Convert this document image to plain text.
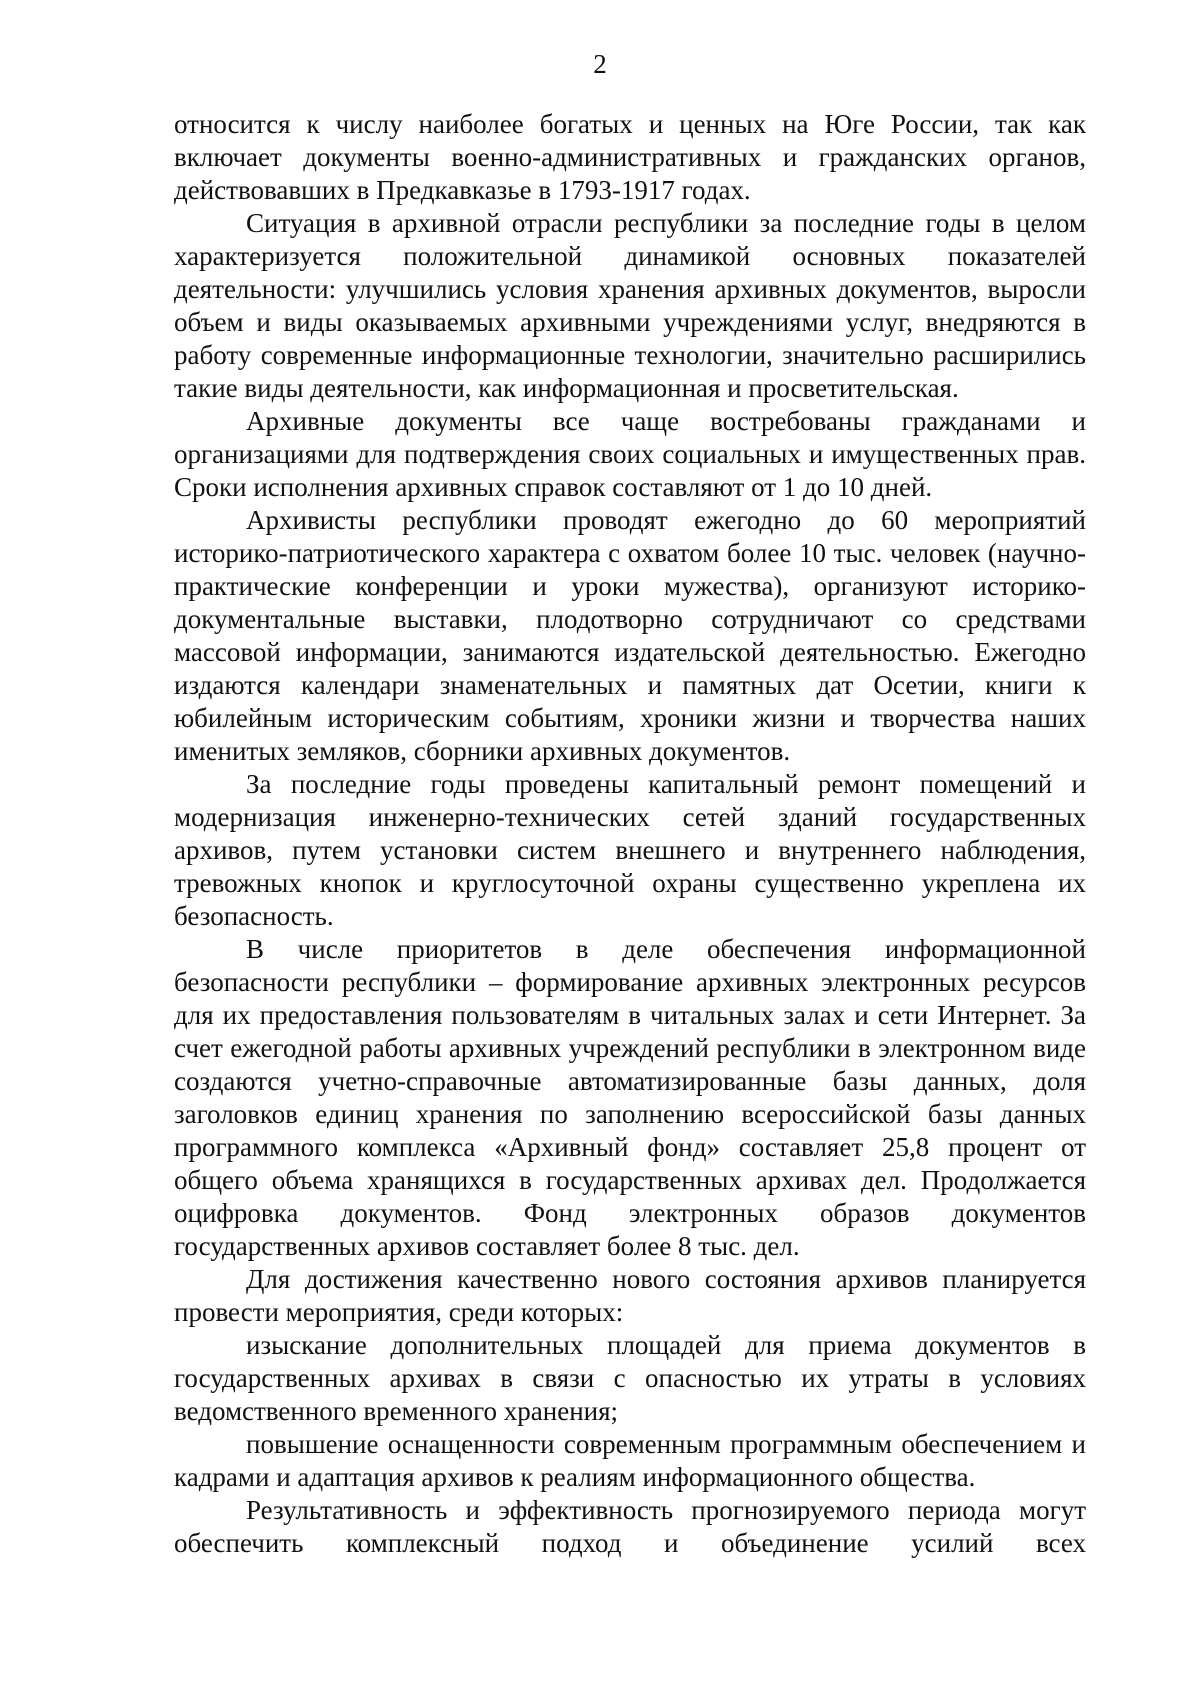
2

относится к числу наиболее богатых и ценных на Юге России, так как включает документы военно-административных и гражданских органов, действовавших в Предкавказье в 1793-1917 годах.

Ситуация в архивной отрасли республики за последние годы в целом характеризуется положительной динамикой основных показателей деятельности: улучшились условия хранения архивных документов, выросли объем и виды оказываемых архивными учреждениями услуг, внедряются в работу современные информационные технологии, значительно расширились такие виды деятельности, как информационная и просветительская.

Архивные документы все чаще востребованы гражданами и организациями для подтверждения своих социальных и имущественных прав. Сроки исполнения архивных справок составляют от 1 до 10 дней.

Архивисты республики проводят ежегодно до 60 мероприятий историко-патриотического характера с охватом более 10 тыс. человек (научно-практические конференции и уроки мужества), организуют историко-документальные выставки, плодотворно сотрудничают со средствами массовой информации, занимаются издательской деятельностью. Ежегодно издаются календари знаменательных и памятных дат Осетии, книги к юбилейным историческим событиям, хроники жизни и творчества наших именитых земляков, сборники архивных документов.

За последние годы проведены капитальный ремонт помещений и модернизация инженерно-технических сетей зданий государственных архивов, путем установки систем внешнего и внутреннего наблюдения, тревожных кнопок и круглосуточной охраны существенно укреплена их безопасность.

В числе приоритетов в деле обеспечения информационной безопасности республики – формирование архивных электронных ресурсов для их предоставления пользователям в читальных залах и сети Интернет. За счет ежегодной работы архивных учреждений республики в электронном виде создаются учетно-справочные автоматизированные базы данных, доля заголовков единиц хранения по заполнению всероссийской базы данных программного комплекса «Архивный фонд» составляет 25,8 процент от общего объема хранящихся в государственных архивах дел. Продолжается оцифровка документов. Фонд электронных образов документов государственных архивов составляет более 8 тыс. дел.

Для достижения качественно нового состояния архивов планируется провести мероприятия, среди которых:

изыскание дополнительных площадей для приема документов в государственных архивах в связи с опасностью их утраты в условиях ведомственного временного хранения;

повышение оснащенности современным программным обеспечением и кадрами и адаптация архивов к реалиям информационного общества.

Результативность и эффективность прогнозируемого периода могут обеспечить комплексный подход и объединение усилий всех
